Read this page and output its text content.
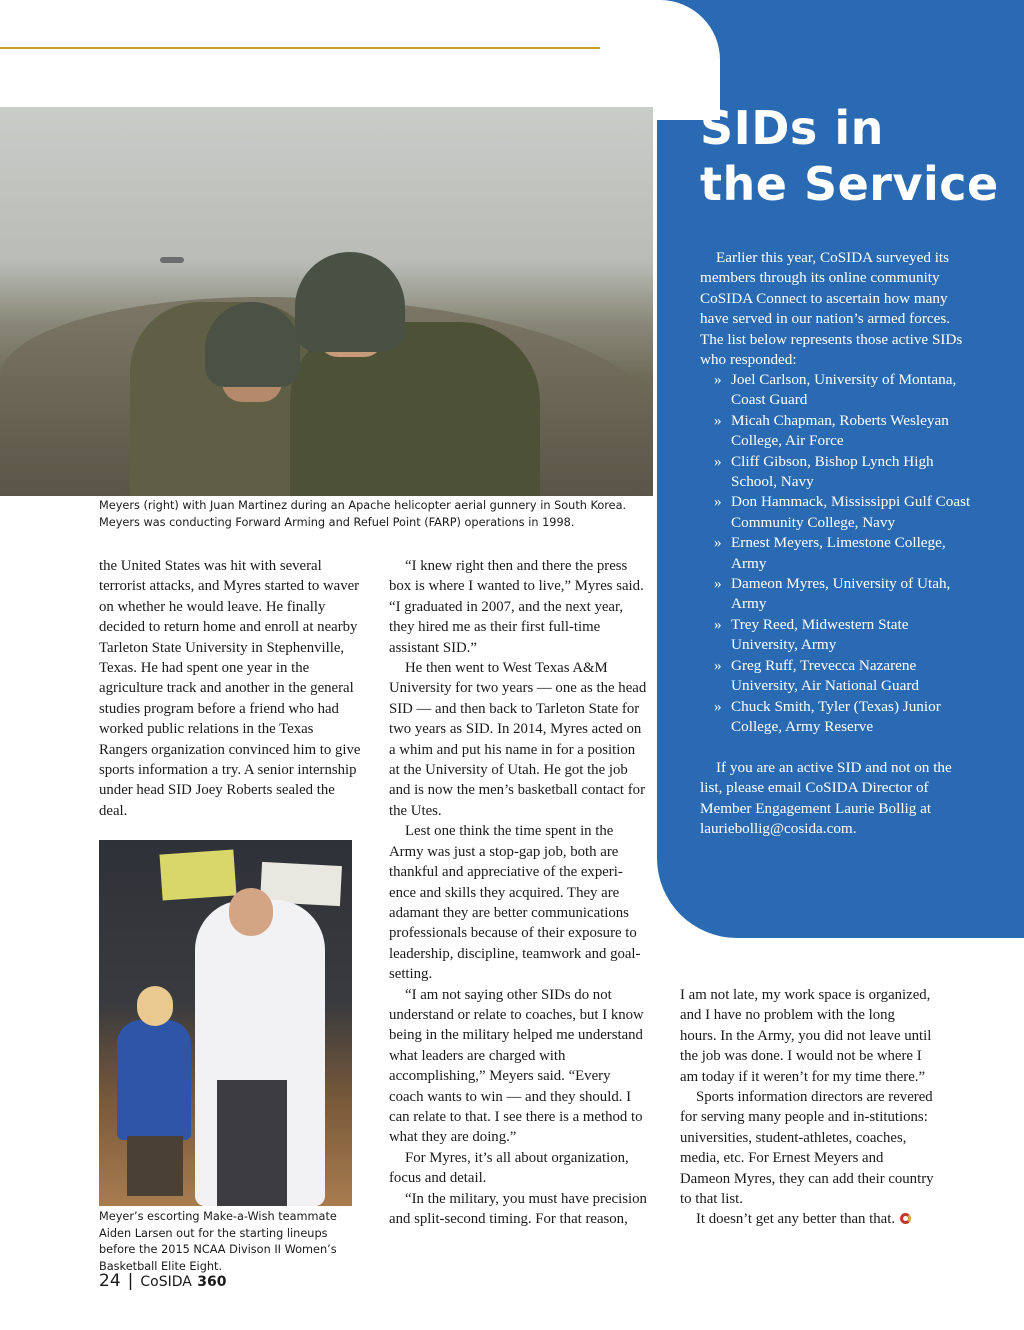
SIDs in
the Service

Earlier this year, CoSIDA surveyed its members through its online community CoSIDA Connect to ascertain how many have served in our nation’s armed forces. The list below represents those active SIDs who responded:

» Joel Carlson, University of Montana, Coast Guard
» Micah Chapman, Roberts Wesleyan College, Air Force
» Cliff Gibson, Bishop Lynch High School, Navy
» Don Hammack, Mississippi Gulf Coast Community College, Navy
» Ernest Meyers, Limestone College, Army
» Dameon Myres, University of Utah, Army
» Trey Reed, Midwestern State University, Army
» Greg Ruff, Trevecca Nazarene University, Air National Guard
» Chuck Smith, Tyler (Texas) Junior College, Army Reserve

If you are an active SID and not on the list, please email CoSIDA Director of Member Engagement Laurie Bollig at lauriebollig@cosida.com.

Meyers (right) with Juan Martinez during an Apache helicopter aerial gunnery in South Korea. Meyers was conducting Forward Arming and Refuel Point (FARP) operations in 1998.

the United States was hit with several terrorist attacks, and Myres started to waver on whether he would leave. He finally decided to return home and enroll at nearby Tarleton State University in Stephenville, Texas. He had spent one year in the agriculture track and another in the general studies program before a friend who had worked public relations in the Texas Rangers organization convinced him to give sports information a try. A senior internship under head SID Joey Roberts sealed the deal.

“I knew right then and there the press box is where I wanted to live,” Myres said. “I graduated in 2007, and the next year, they hired me as their first full-time assistant SID.”

He then went to West Texas A&M University for two years — one as the head SID — and then back to Tarleton State for two years as SID. In 2014, Myres acted on a whim and put his name in for a position at the University of Utah. He got the job and is now the men’s basketball contact for the Utes.

Lest one think the time spent in the Army was just a stop-gap job, both are thankful and appreciative of the experi-ence and skills they acquired. They are adamant they are better communications professionals because of their exposure to leadership, discipline, teamwork and goal-setting.

“I am not saying other SIDs do not understand or relate to coaches, but I know being in the military helped me understand what leaders are charged with accomplishing,” Meyers said. “Every coach wants to win — and they should. I can relate to that. I see there is a method to what they are doing.”

For Myres, it’s all about organization, focus and detail.

“In the military, you must have precision and split-second timing. For that reason,

Meyer’s escorting Make-a-Wish teammate Aiden Larsen out for the starting lineups before the 2015 NCAA Divison II Women’s Basketball Elite Eight.

I am not late, my work space is organized, and I have no problem with the long hours. In the Army, you did not leave until the job was done. I would not be where I am today if it weren’t for my time there.”

Sports information directors are revered for serving many people and in-stitutions: universities, student-athletes, coaches, media, etc. For Ernest Meyers and Dameon Myres, they can add their country to that list.

It doesn’t get any better than that.

24 | CoSIDA 360
